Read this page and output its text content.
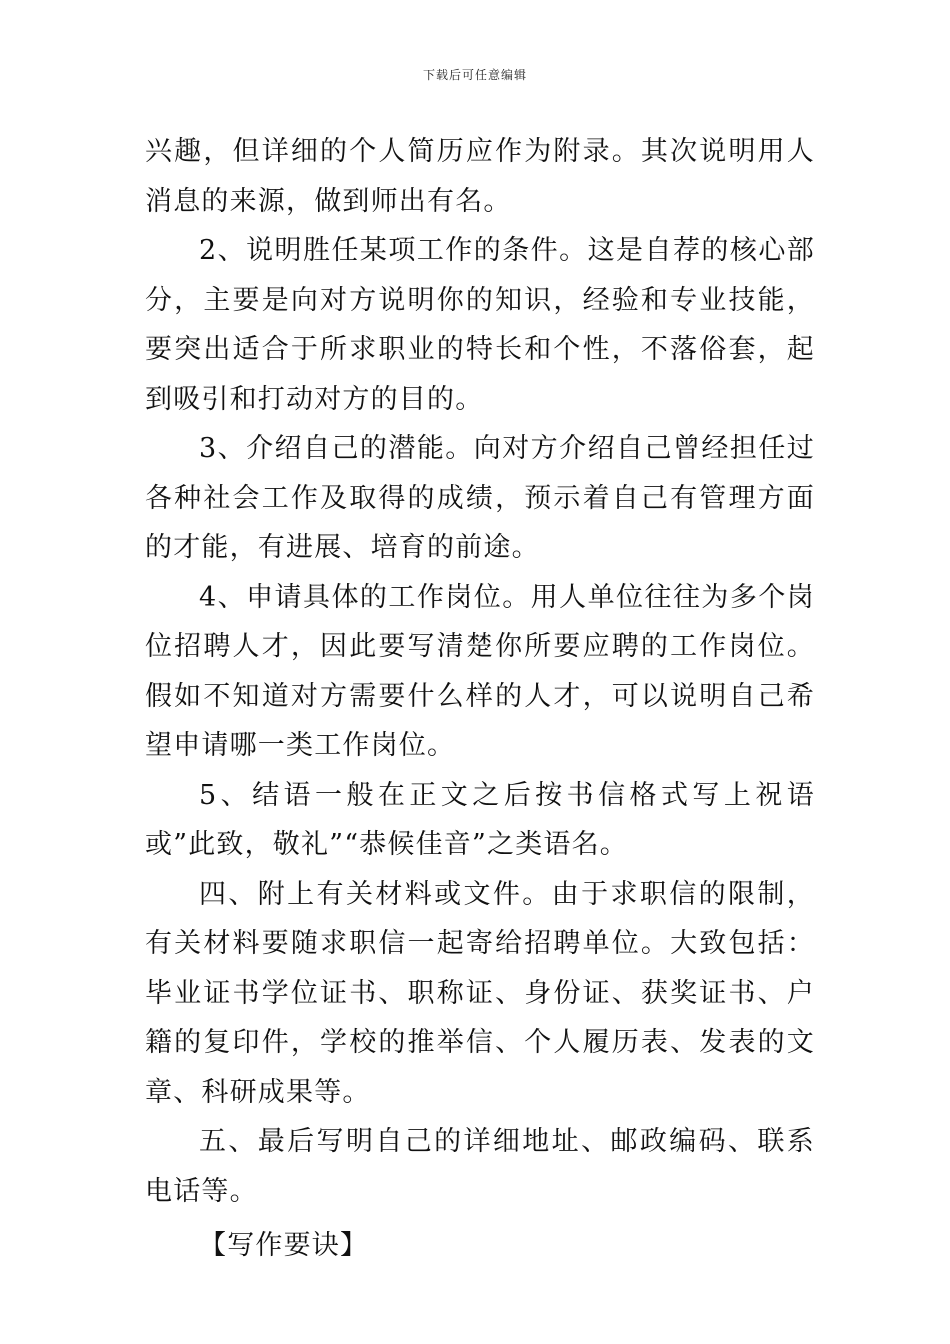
下载后可任意编辑

兴趣，但详细的个人简历应作为附录。其次说明用人消息的来源，做到师出有名。

2、说明胜任某项工作的条件。这是自荐的核心部分，主要是向对方说明你的知识，经验和专业技能，要突出适合于所求职业的特长和个性，不落俗套，起到吸引和打动对方的目的。

3、介绍自己的潜能。向对方介绍自己曾经担任过各种社会工作及取得的成绩，预示着自己有管理方面的才能，有进展、培育的前途。

4、申请具体的工作岗位。用人单位往往为多个岗位招聘人才，因此要写清楚你所要应聘的工作岗位。假如不知道对方需要什么样的人才，可以说明自己希望申请哪一类工作岗位。

5、结语一般在正文之后按书信格式写上祝语或”此致，敬礼”“恭候佳音”之类语名。

四、附上有关材料或文件。由于求职信的限制，有关材料要随求职信一起寄给招聘单位。大致包括：毕业证书学位证书、职称证、身份证、获奖证书、户籍的复印件，学校的推举信、个人履历表、发表的文章、科研成果等。

五、最后写明自己的详细地址、邮政编码、联系电话等。

【写作要诀】
